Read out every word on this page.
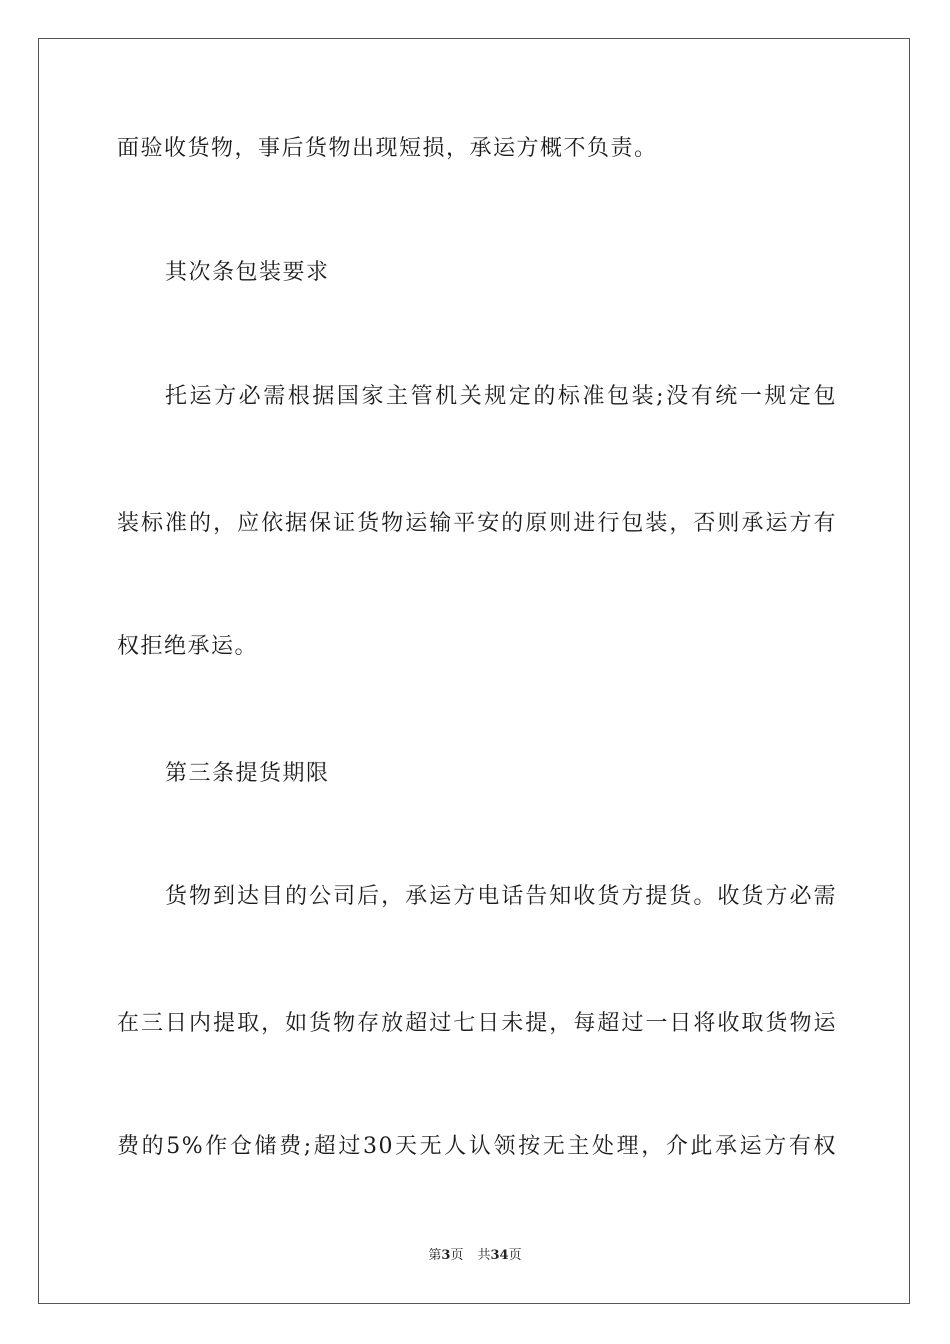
面验收货物，事后货物出现短损，承运方概不负责。
其次条包装要求
托运方必需根据国家主管机关规定的标准包装;没有统一规定包
装标准的，应依据保证货物运输平安的原则进行包装，否则承运方有
权拒绝承运。
第三条提货期限
货物到达目的公司后，承运方电话告知收货方提货。收货方必需
在三日内提取，如货物存放超过七日未提，每超过一日将收取货物运
费的5%作仓储费;超过30天无人认领按无主处理，介此承运方有权
第3页 共34页
